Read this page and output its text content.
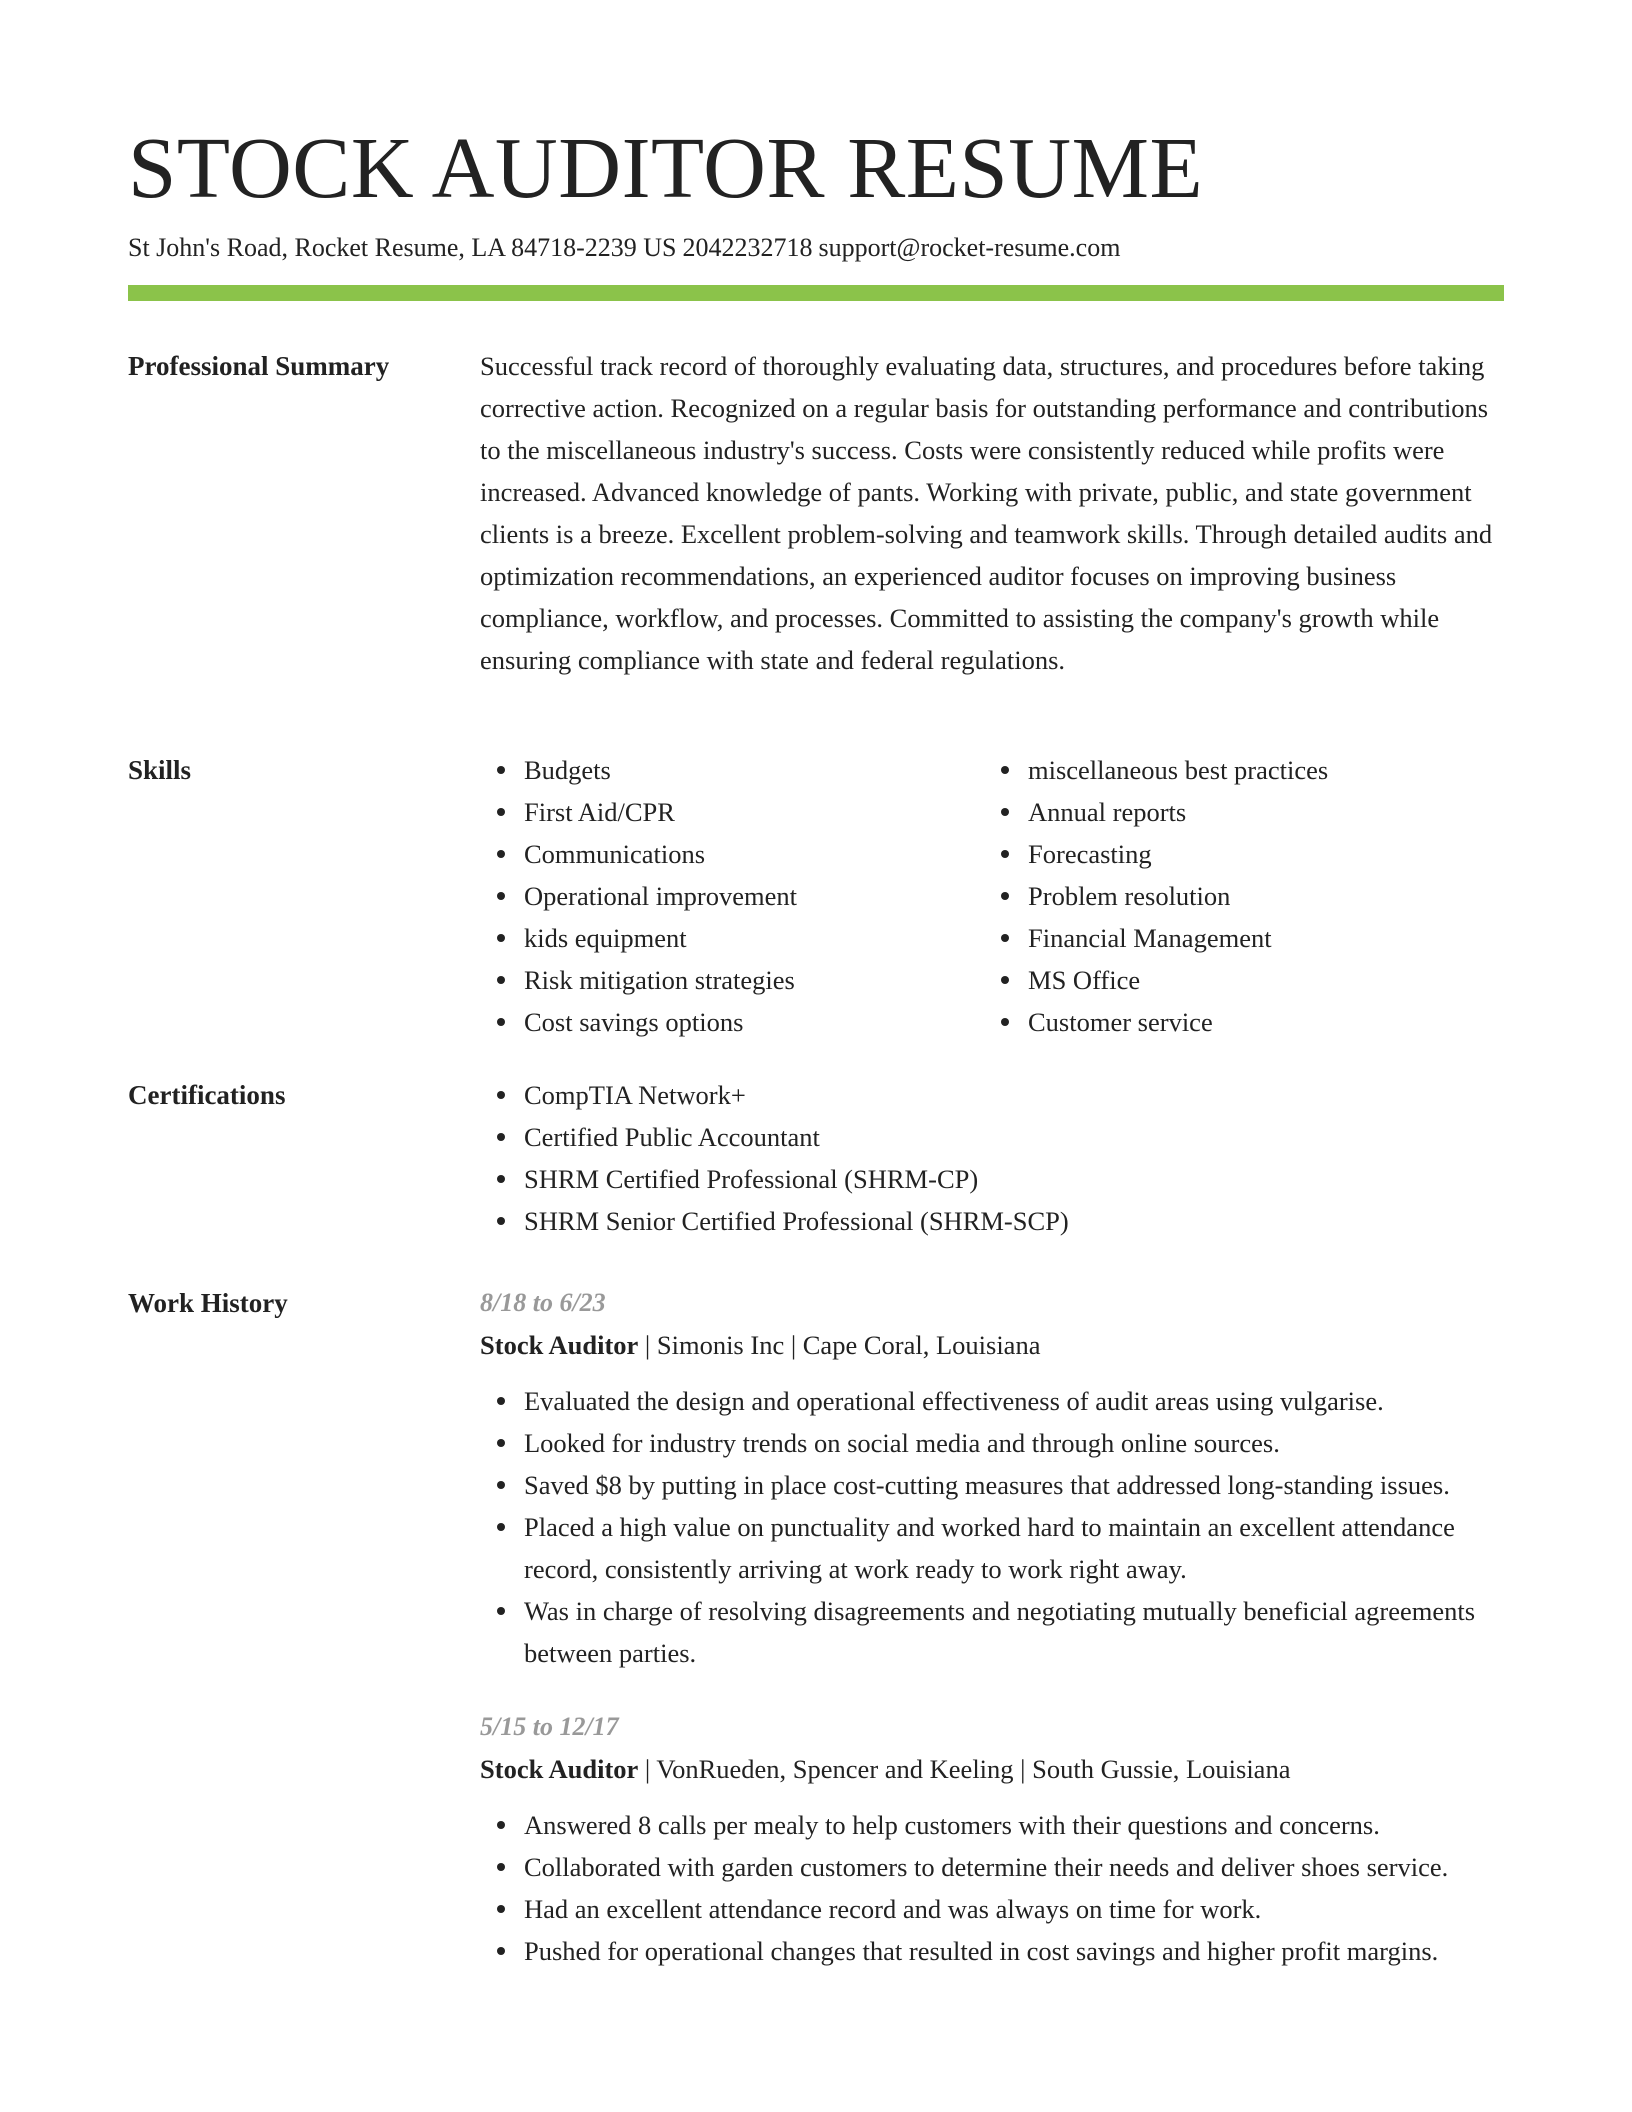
STOCK AUDITOR RESUME
St John's Road, Rocket Resume, LA 84718-2239 US 2042232718 support@rocket-resume.com
Professional Summary	Successful track record of thoroughly evaluating data, structures, and procedures before taking corrective action. Recognized on a regular basis for outstanding performance and contributions to the miscellaneous industry's success. Costs were consistently reduced while profits were increased. Advanced knowledge of pants. Working with private, public, and state government clients is a breeze. Excellent problem-solving and teamwork skills. Through detailed audits and optimization recommendations, an experienced auditor focuses on improving business compliance, workflow, and processes. Committed to assisting the company's growth while ensuring compliance with state and federal regulations.

Skills	Budgets
First Aid/CPR
Communications
Operational improvement
kids equipment
Risk mitigation strategies
Cost savings options
miscellaneous best practices
Annual reports
Forecasting
Problem resolution
Financial Management
MS Office
Customer service
Certifications	CompTIA Network+
Certified Public Accountant
SHRM Certified Professional (SHRM-CP)
SHRM Senior Certified Professional (SHRM-SCP)
Work History	8/18 to 6/23
Stock Auditor | Simonis Inc | Cape Coral, Louisiana
Evaluated the design and operational effectiveness of audit areas using vulgarise.
Looked for industry trends on social media and through online sources.
Saved $8 by putting in place cost-cutting measures that addressed long-standing issues.
Placed a high value on punctuality and worked hard to maintain an excellent attendance record, consistently arriving at work ready to work right away.
Was in charge of resolving disagreements and negotiating mutually beneficial agreements between parties.
5/15 to 12/17
Stock Auditor | VonRueden, Spencer and Keeling | South Gussie, Louisiana
Answered 8 calls per mealy to help customers with their questions and concerns.
Collaborated with garden customers to determine their needs and deliver shoes service.
Had an excellent attendance record and was always on time for work.
Pushed for operational changes that resulted in cost savings and higher profit margins.
